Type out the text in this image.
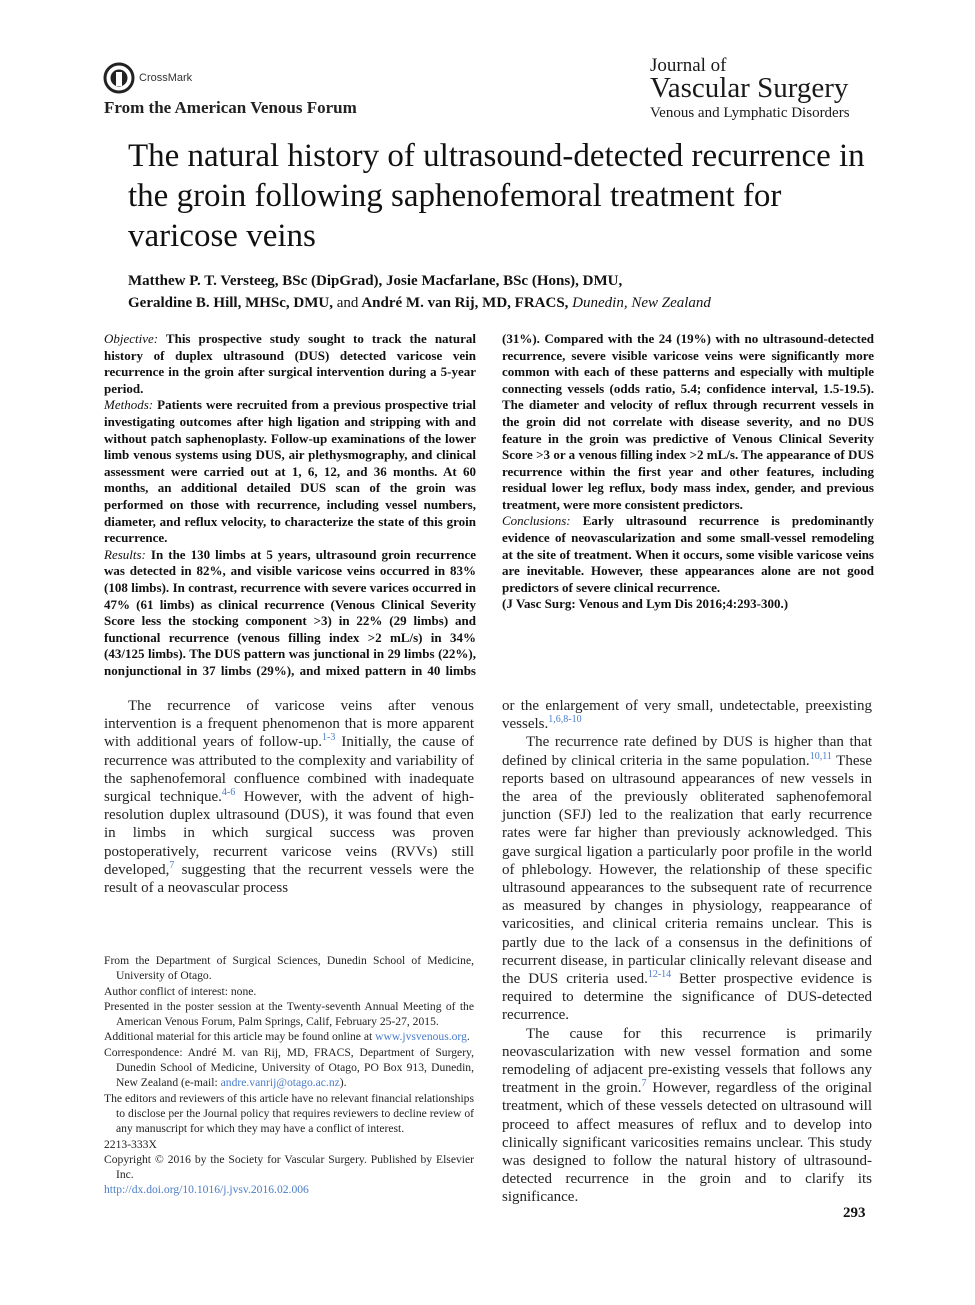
CrossMark
From the American Venous Forum
Journal of
Vascular Surgery
Venous and Lymphatic Disorders
The natural history of ultrasound-detected recurrence in the groin following saphenofemoral treatment for varicose veins
Matthew P. T. Versteeg, BSc (DipGrad), Josie Macfarlane, BSc (Hons), DMU,
Geraldine B. Hill, MHSc, DMU, and André M. van Rij, MD, FRACS, Dunedin, New Zealand

Objective: This prospective study sought to track the natural history of duplex ultrasound (DUS) detected varicose vein recurrence in the groin after surgical intervention during a 5-year period.

Methods: Patients were recruited from a previous prospective trial investigating outcomes after high ligation and stripping with and without patch saphenoplasty. Follow-up examinations of the lower limb venous systems using DUS, air plethysmography, and clinical assessment were carried out at 1, 6, 12, and 36 months. At 60 months, an additional detailed DUS scan of the groin was performed on those with recurrence, including vessel numbers, diameter, and reflux velocity, to characterize the state of this groin recurrence.

Results: In the 130 limbs at 5 years, ultrasound groin recurrence was detected in 82%, and visible varicose veins occurred in 83% (108 limbs). In contrast, recurrence with severe varices occurred in 47% (61 limbs) as clinical recurrence (Venous Clinical Severity Score less the stocking component >3) in 22% (29 limbs) and functional recurrence (venous filling index >2 mL/s) in 34% (43/125 limbs). The DUS pattern was junctional in 29 limbs (22%), nonjunctional in 37 limbs (29%), and mixed pattern in 40 limbs

(31%). Compared with the 24 (19%) with no ultrasound-detected recurrence, severe visible varicose veins were significantly more common with each of these patterns and especially with multiple connecting vessels (odds ratio, 5.4; confidence interval, 1.5-19.5). The diameter and velocity of reflux through recurrent vessels in the groin did not correlate with disease severity, and no DUS feature in the groin was predictive of Venous Clinical Severity Score >3 or a venous filling index >2 mL/s. The appearance of DUS recurrence within the first year and other features, including residual lower leg reflux, body mass index, gender, and previous treatment, were more consistent predictors.

Conclusions: Early ultrasound recurrence is predominantly evidence of neovascularization and some small-vessel remodeling at the site of treatment. When it occurs, some visible varicose veins are inevitable. However, these appearances alone are not good predictors of severe clinical recurrence.
(J Vasc Surg: Venous and Lym Dis 2016;4:293-300.)

The recurrence of varicose veins after venous intervention is a frequent phenomenon that is more apparent with additional years of follow-up.$^{1-3}$ Initially, the cause of recurrence was attributed to the complexity and variability of the saphenofemoral confluence combined with inadequate surgical technique.$^{4-6}$ However, with the advent of high-resolution duplex ultrasound (DUS), it was found that even in limbs in which surgical success was proven postoperatively, recurrent varicose veins (RVVs) still developed,$^7$ suggesting that the recurrent vessels were the result of a neovascular process

From the Department of Surgical Sciences, Dunedin School of Medicine, University of Otago.

Author conflict of interest: none.

Presented in the poster session at the Twenty-seventh Annual Meeting of the American Venous Forum, Palm Springs, Calif, February 25-27, 2015.

Additional material for this article may be found online at www.jvsvenous.org.

Correspondence: André M. van Rij, MD, FRACS, Department of Surgery, Dunedin School of Medicine, University of Otago, PO Box 913, Dunedin, New Zealand (e-mail: andre.vanrij@otago.ac.nz).

The editors and reviewers of this article have no relevant financial relationships to disclose per the Journal policy that requires reviewers to decline review of any manuscript for which they may have a conflict of interest.

2213-333X

Copyright © 2016 by the Society for Vascular Surgery. Published by Elsevier Inc.

http://dx.doi.org/10.1016/j.jvsv.2016.02.006

or the enlargement of very small, undetectable, preexisting vessels.$^{1,6,8-10}$

The recurrence rate defined by DUS is higher than that defined by clinical criteria in the same population.$^{10,11}$ These reports based on ultrasound appearances of new vessels in the area of the previously obliterated saphenofemoral junction (SFJ) led to the realization that early recurrence rates were far higher than previously acknowledged. This gave surgical ligation a particularly poor profile in the world of phlebology. However, the relationship of these specific ultrasound appearances to the subsequent rate of recurrence as measured by changes in physiology, reappearance of varicosities, and clinical criteria remains unclear. This is partly due to the lack of a consensus in the definitions of recurrent disease, in particular clinically relevant disease and the DUS criteria used.$^{12-14}$ Better prospective evidence is required to determine the significance of DUS-detected recurrence.

The cause for this recurrence is primarily neovascularization with new vessel formation and some remodeling of adjacent pre-existing vessels that follows any treatment in the groin.$^7$ However, regardless of the original treatment, which of these vessels detected on ultrasound will proceed to affect measures of reflux and to develop into clinically significant varicosities remains unclear. This study was designed to follow the natural history of ultrasound-detected recurrence in the groin and to clarify its significance.

293
